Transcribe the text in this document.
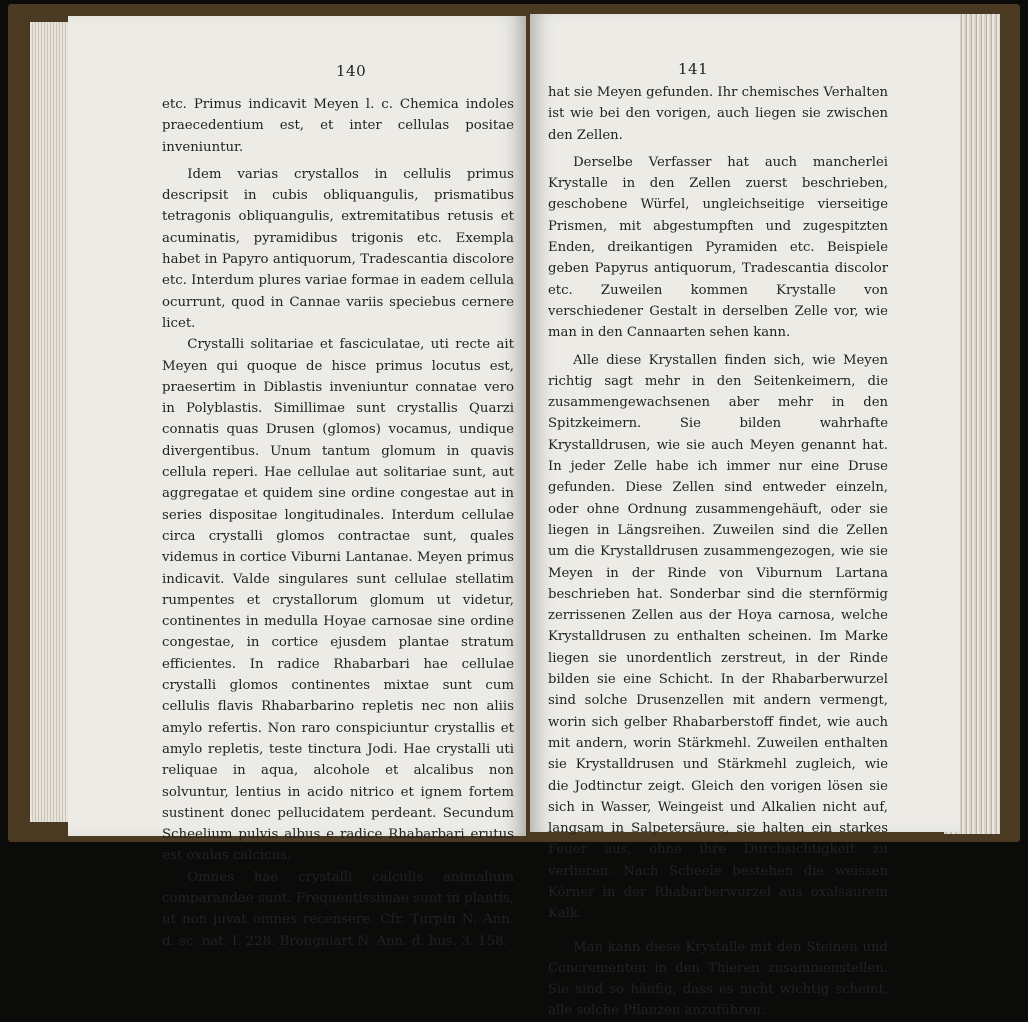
140

etc. Primus indicavit Meyen l. c. Chemica indoles praecedentium est, et inter cellulas positae inveniuntur.

Idem varias crystallos in cellulis primus descripsit in cubis obliquangulis, prismatibus tetragonis obliquangulis, extremitatibus retusis et acuminatis, pyramidibus trigonis etc. Exempla habet in Papyro antiquorum, Tradescantia discolore etc. Interdum plures variae formae in eadem cellula ocurrunt, quod in Cannae variis speciebus cernere licet.

Crystalli solitariae et fasciculatae, uti recte ait Meyen qui quoque de hisce primus locutus est, praesertim in Diblastis inveniuntur connatae vero in Polyblastis. Simillimae sunt crystallis Quarzi connatis quas Drusen (glomos) vocamus, undique divergentibus. Unum tantum glomum in quavis cellula reperi. Hae cellulae aut solitariae sunt, aut aggregatae et quidem sine ordine congestae aut in series dispositae longitudinales. Interdum cellulae circa crystalli glomos contractae sunt, quales videmus in cortice Viburni Lantanae. Meyen primus indicavit. Valde singulares sunt cellulae stellatim rumpentes et crystallorum glomum ut videtur, continentes in medulla Hoyae carnosae sine ordine congestae, in cortice ejusdem plantae stratum efficientes. In radice Rhabarbari hae cellulae crystalli glomos continentes mixtae sunt cum cellulis flavis Rhabarbarino repletis nec non aliis amylo refertis. Non raro conspiciuntur crystallis et amylo repletis, teste tinctura Jodi. Hae crystalli uti reliquae in aqua, alcohole et alcalibus non solvuntur, lentius in acido nitrico et ignem fortem sustinent donec pellucidatem perdeant. Secundum Scheelium pulvis albus e radice Rhabarbari erutus est oxalas calcicus.

Omnes hae crystalli calculis animalium comparandae sunt. Frequentissimae sunt in plantis, ut non juvat omnes recensere. Cfr. Turpin N. Ann. d. sc. nat. I. 228. Brongniart N. Ann. d. hus. 3. 158.

141

hat sie Meyen gefunden. Ihr chemisches Verhalten ist wie bei den vorigen, auch liegen sie zwischen den Zellen.

Derselbe Verfasser hat auch mancherlei Krystalle in den Zellen zuerst beschrieben, geschobene Würfel, ungleichseitige vierseitige Prismen, mit abgestumpften und zugespitzten Enden, dreikantigen Pyramiden etc. Beispiele geben Papyrus antiquorum, Tradescantia discolor etc. Zuweilen kommen Krystalle von verschiedener Gestalt in derselben Zelle vor, wie man in den Cannaarten sehen kann.

Alle diese Krystallen finden sich, wie Meyen richtig sagt mehr in den Seitenkeimern, die zusammengewachsenen aber mehr in den Spitzkeimern. Sie bilden wahrhafte Krystalldrusen, wie sie auch Meyen genannt hat. In jeder Zelle habe ich immer nur eine Druse gefunden. Diese Zellen sind entweder einzeln, oder ohne Ordnung zusammengehäuft, oder sie liegen in Längsreihen. Zuweilen sind die Zellen um die Krystalldrusen zusammengezogen, wie sie Meyen in der Rinde von Viburnum Lartana beschrieben hat. Sonderbar sind die sternförmig zerrissenen Zellen aus der Hoya carnosa, welche Krystalldrusen zu enthalten scheinen. Im Marke liegen sie unordentlich zerstreut, in der Rinde bilden sie eine Schicht. In der Rhabarberwurzel sind solche Drusenzellen mit andern vermengt, worin sich gelber Rhabarberstoff findet, wie auch mit andern, worin Stärkmehl. Zuweilen enthalten sie Krystalldrusen und Stärkmehl zugleich, wie die Jodtinctur zeigt. Gleich den vorigen lösen sie sich in Wasser, Weingeist und Alkalien nicht auf, langsam in Salpetersäure, sie halten ein starkes Feuer aus, ohne ihre Durchsichtigkeit zu verlieren. Nach Scheele bestehen die weissen Körner in der Rhabarberwurzel aus oxalsaurem Kalk.

Man kann diese Krystalle mit den Steinen und Concrementen in den Thieren zusammenstellen. Sie sind so häufig, dass es nicht wichtig scheint, alle solche Pflanzen anzuführen.
